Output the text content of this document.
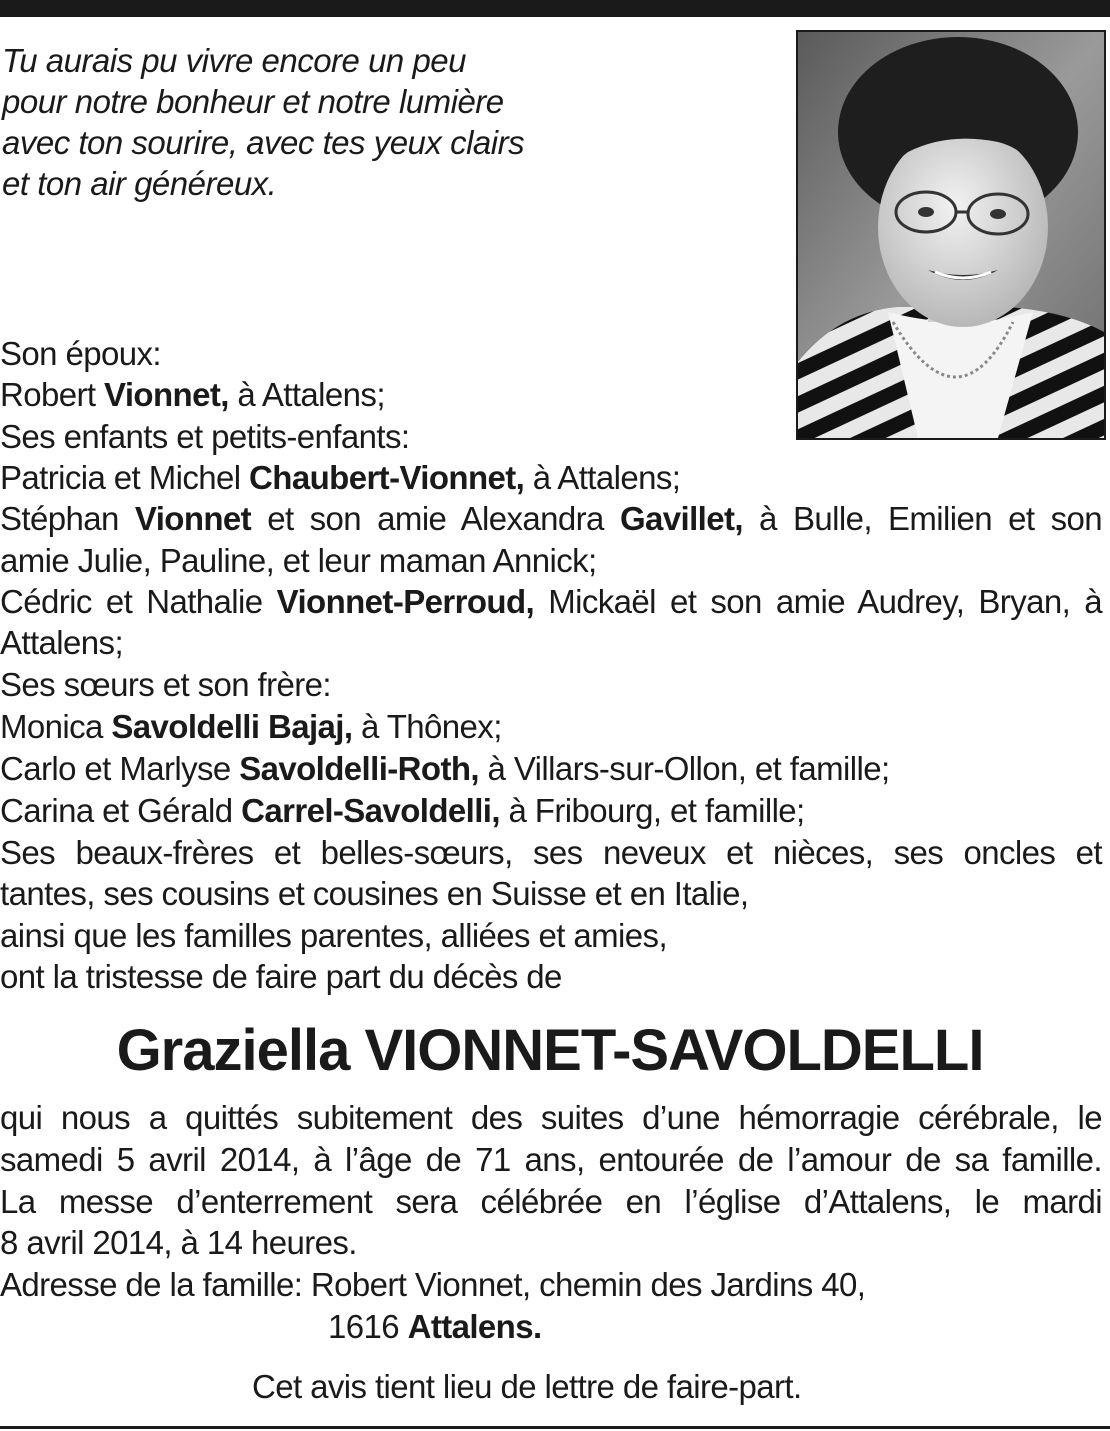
Tu aurais pu vivre encore un peu
pour notre bonheur et notre lumière
avec ton sourire, avec tes yeux clairs
et ton air généreux.
Son époux:
Robert Vionnet, à Attalens;
Ses enfants et petits-enfants:
Patricia et Michel Chaubert-Vionnet, à Attalens;
Stéphan Vionnet et son amie Alexandra Gavillet, à Bulle, Emilien et son
amie Julie, Pauline, et leur maman Annick;
Cédric et Nathalie Vionnet-Perroud, Mickaël et son amie Audrey, Bryan, à
Attalens;
Ses sœurs et son frère:
Monica Savoldelli Bajaj, à Thônex;
Carlo et Marlyse Savoldelli-Roth, à Villars-sur-Ollon, et famille;
Carina et Gérald Carrel-Savoldelli, à Fribourg, et famille;
Ses beaux-frères et belles-sœurs, ses neveux et nièces, ses oncles et
tantes, ses cousins et cousines en Suisse et en Italie,
ainsi que les familles parentes, alliées et amies,
ont la tristesse de faire part du décès de
Graziella VIONNET-SAVOLDELLI
qui nous a quittés subitement des suites d’une hémorragie cérébrale, le
samedi 5 avril 2014, à l’âge de 71 ans, entourée de l’amour de sa famille.
La messe d’enterrement sera célébrée en l’église d’Attalens, le mardi
8 avril 2014, à 14 heures.
Adresse de la famille: Robert Vionnet, chemin des Jardins 40,
1616 Attalens.
Cet avis tient lieu de lettre de faire-part.
